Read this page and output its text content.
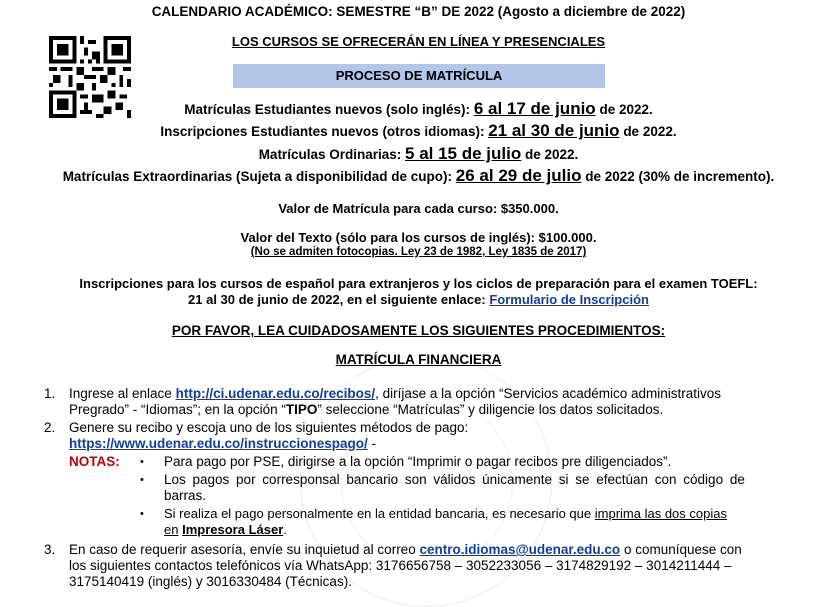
CALENDARIO ACADÉMICO: SEMESTRE “B” DE 2022 (Agosto a diciembre de 2022)
LOS CURSOS SE OFRECERÁN EN LÍNEA Y PRESENCIALES
PROCESO DE MATRÍCULA
Matrículas Estudiantes nuevos (solo inglés): 6 al 17 de junio de 2022.
Inscripciones Estudiantes nuevos (otros idiomas): 21 al 30 de junio de 2022.
Matrículas Ordinarias: 5 al 15 de julio de 2022.
Matrículas Extraordinarias (Sujeta a disponibilidad de cupo): 26 al 29 de julio de 2022 (30% de incremento).
Valor de Matrícula para cada curso: $350.000.
Valor del Texto (sólo para los cursos de inglés): $100.000.
(No se admiten fotocopias. Ley 23 de 1982, Ley 1835 de 2017)
Inscripciones para los cursos de español para extranjeros y los ciclos de preparación para el examen TOEFL:
21 al 30 de junio de 2022, en el siguiente enlace: Formulario de Inscripción
POR FAVOR, LEA CUIDADOSAMENTE LOS SIGUIENTES PROCEDIMIENTOS:
MATRÍCULA FINANCIERA
1. Ingrese al enlace http://ci.udenar.edu.co/recibos/, diríjase a la opción “Servicios académico administrativos
Pregrado” - “Idiomas”; en la opción “TIPO” seleccione “Matrículas” y diligencie los datos solicitados.
2. Genere su recibo y escoja uno de los siguientes métodos de pago:
https://www.udenar.edu.co/instruccionespago/ -
NOTAS: • Para pago por PSE, dirigirse a la opción “Imprimir o pagar recibos pre diligenciados”.
• Los pagos por corresponsal bancario son válidos únicamente si se efectúan con código de
barras.
• Si realiza el pago personalmente en la entidad bancaria, es necesario que imprima las dos copias
en Impresora Láser.
3. En caso de requerir asesoría, envíe su inquietud al correo centro.idiomas@udenar.edu.co o comuníquese con
los siguientes contactos telefónicos vía WhatsApp: 3176656758 – 3052233056 – 3174829192 – 3014211444 –
3175140419 (inglés) y 3016330484 (Técnicas).
